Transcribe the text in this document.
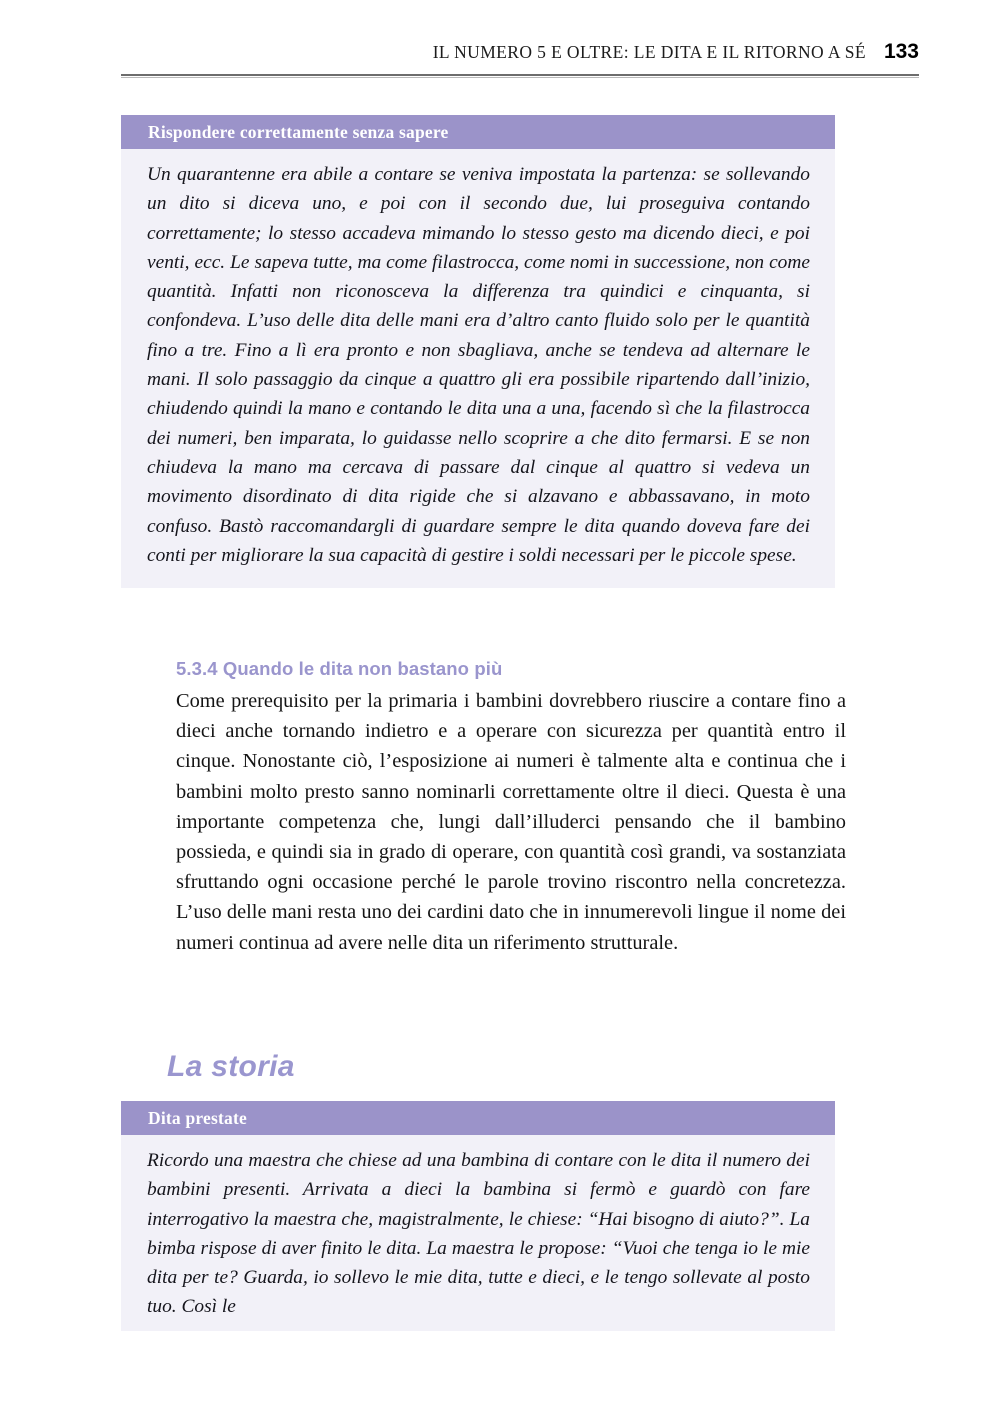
IL NUMERO 5 E OLTRE: LE DITA E IL RITORNO A SÉ 133
Rispondere correttamente senza sapere

Un quarantenne era abile a contare se veniva impostata la partenza: se sollevando un dito si diceva uno, e poi con il secondo due, lui proseguiva contando correttamente; lo stesso accadeva mimando lo stesso gesto ma dicendo dieci, e poi venti, ecc. Le sapeva tutte, ma come filastrocca, come nomi in successione, non come quantità. Infatti non riconosceva la differenza tra quindici e cinquanta, si confondeva. L’uso delle dita delle mani era d’altro canto fluido solo per le quantità fino a tre. Fino a lì era pronto e non sbagliava, anche se tendeva ad alternare le mani. Il solo passaggio da cinque a quattro gli era possibile ripartendo dall’inizio, chiudendo quindi la mano e contando le dita una a una, facendo sì che la filastrocca dei numeri, ben imparata, lo guidasse nello scoprire a che dito fermarsi. E se non chiudeva la mano ma cercava di passare dal cinque al quattro si vedeva un movimento disordinato di dita rigide che si alzavano e abbassavano, in moto confuso. Bastò raccomandargli di guardare sempre le dita quando doveva fare dei conti per migliorare la sua capacità di gestire i soldi necessari per le piccole spese.

5.3.4 Quando le dita non bastano più

Come prerequisito per la primaria i bambini dovrebbero riuscire a contare fino a dieci anche tornando indietro e a operare con sicurezza per quantità entro il cinque. Nonostante ciò, l’esposizione ai numeri è talmente alta e continua che i bambini molto presto sanno nominarli correttamente oltre il dieci. Questa è una importante competenza che, lungi dall’illuderci pensando che il bambino possieda, e quindi sia in grado di operare, con quantità così grandi, va sostanziata sfruttando ogni occasione perché le parole trovino riscontro nella concretezza. L’uso delle mani resta uno dei cardini dato che in innumerevoli lingue il nome dei numeri continua ad avere nelle dita un riferimento strutturale.

La storia
Dita prestate

Ricordo una maestra che chiese ad una bambina di contare con le dita il numero dei bambini presenti. Arrivata a dieci la bambina si fermò e guardò con fare interrogativo la maestra che, magistralmente, le chiese: “Hai bisogno di aiuto?”. La bimba rispose di aver finito le dita. La maestra le propose: “Vuoi che tenga io le mie dita per te? Guarda, io sollevo le mie dita, tutte e dieci, e le tengo sollevate al posto tuo. Così le
